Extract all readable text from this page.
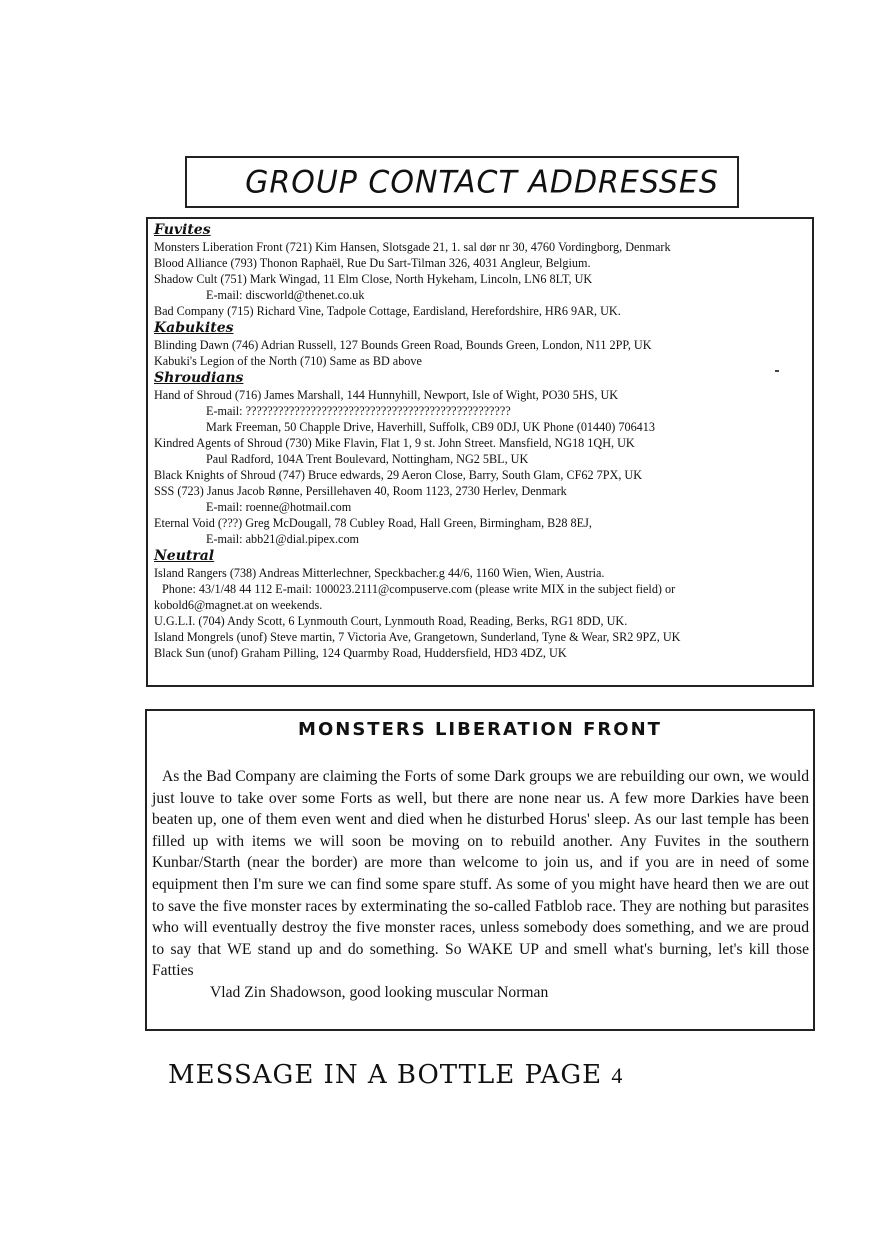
GROUP CONTACT ADDRESSES
Fuvites
Monsters Liberation Front (721) Kim Hansen, Slotsgade 21, 1. sal dør nr 30, 4760 Vordingborg, Denmark
Blood Alliance (793) Thonon Raphaël, Rue Du Sart-Tilman 326, 4031 Angleur, Belgium.
Shadow Cult (751) Mark Wingad, 11 Elm Close, North Hykeham, Lincoln, LN6 8LT, UK
E-mail: discworld@thenet.co.uk
Bad Company (715) Richard Vine, Tadpole Cottage, Eardisland, Herefordshire, HR6 9AR, UK.
Kabukites
Blinding Dawn (746) Adrian Russell, 127 Bounds Green Road, Bounds Green, London, N11 2PP, UK
Kabuki's Legion of the North (710) Same as BD above
Shroudians
Hand of Shroud (716) James Marshall, 144 Hunnyhill, Newport, Isle of Wight, PO30 5HS, UK
E-mail: ?????????????????????????????????????????????????
Mark Freeman, 50 Chapple Drive, Haverhill, Suffolk, CB9 0DJ, UK Phone (01440) 706413
Kindred Agents of Shroud (730) Mike Flavin, Flat 1, 9 st. John Street. Mansfield, NG18 1QH, UK
Paul Radford, 104A Trent Boulevard, Nottingham, NG2 5BL, UK
Black Knights of Shroud (747) Bruce edwards, 29 Aeron Close, Barry, South Glam, CF62 7PX, UK
SSS (723) Janus Jacob Rønne, Persillehaven 40, Room 1123, 2730 Herlev, Denmark
E-mail: roenne@hotmail.com
Eternal Void (???) Greg McDougall, 78 Cubley Road, Hall Green, Birmingham, B28 8EJ,
E-mail: abb21@dial.pipex.com
Neutral
Island Rangers (738) Andreas Mitterlechner, Speckbacher.g 44/6, 1160 Wien, Wien, Austria.
Phone: 43/1/48 44 112 E-mail: 100023.2111@compuserve.com (please write MIX in the subject field) or
kobold6@magnet.at on weekends.
U.G.L.I. (704) Andy Scott, 6 Lynmouth Court, Lynmouth Road, Reading, Berks, RG1 8DD, UK.
Island Mongrels (unof) Steve martin, 7 Victoria Ave, Grangetown, Sunderland, Tyne & Wear, SR2 9PZ, UK
Black Sun (unof) Graham Pilling, 124 Quarmby Road, Huddersfield, HD3 4DZ, UK
MONSTERS LIBERATION FRONT

As the Bad Company are claiming the Forts of some Dark groups we are rebuilding our own, we would just louve to take over some Forts as well, but there are none near us. A few more Darkies have been beaten up, one of them even went and died when he disturbed Horus' sleep. As our last temple has been filled up with items we will soon be moving on to rebuild another. Any Fuvites in the southern Kunbar/Starth (near the border) are more than welcome to join us, and if you are in need of some equipment then I'm sure we can find some spare stuff. As some of you might have heard then we are out to save the five monster races by exterminating the so-called Fatblob race. They are nothing but parasites who will eventually destroy the five monster races, unless somebody does something, and we are proud to say that WE stand up and do something. So WAKE UP and smell what's burning, let's kill those Fatties

Vlad Zin Shadowson, good looking muscular Norman
MESSAGE IN A BOTTLE PAGE 4
